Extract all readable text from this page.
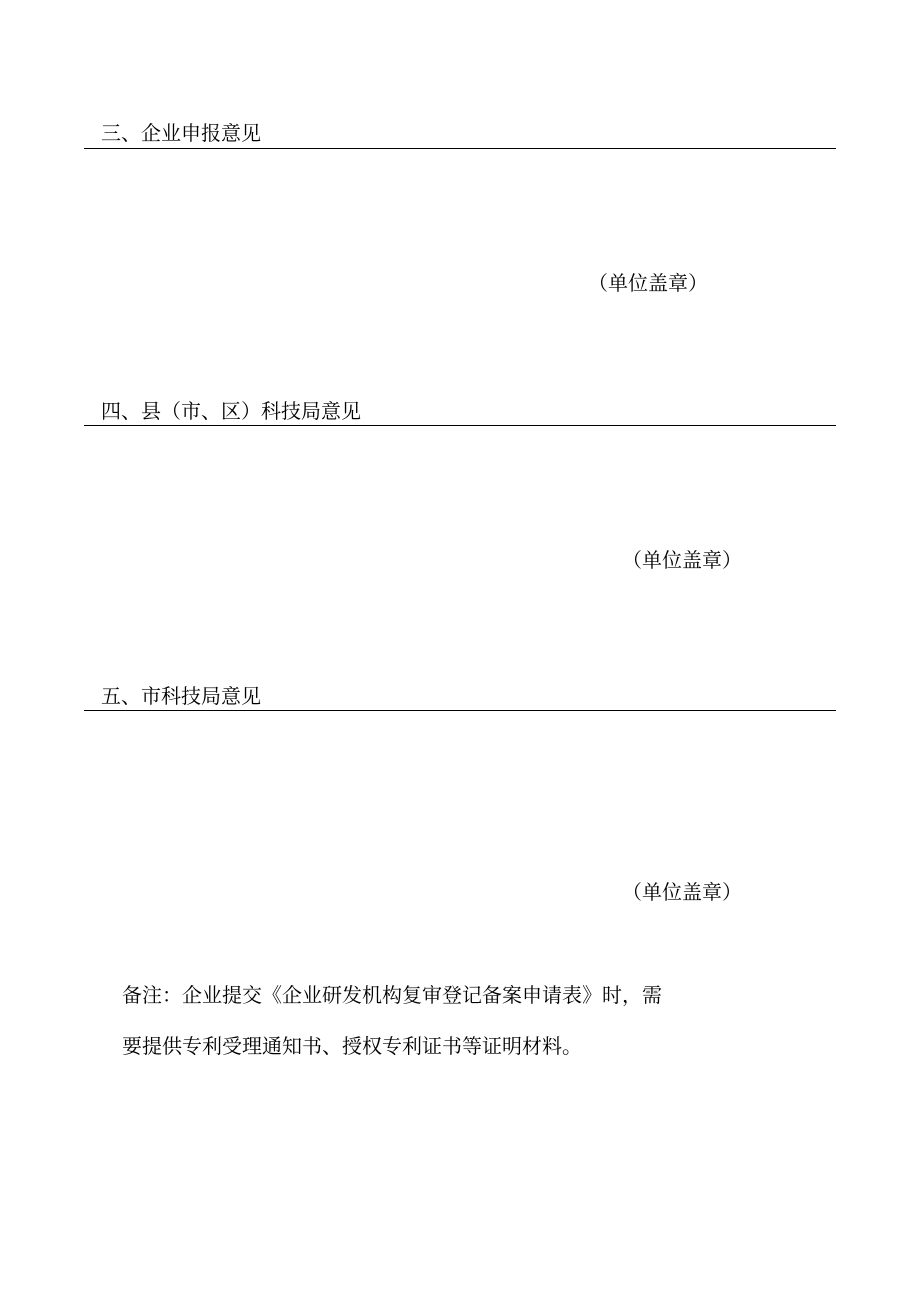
三、企业申报意见
（单位盖章）
四、县（市、区）科技局意见
（单位盖章）
五、市科技局意见
（单位盖章）
备注：企业提交《企业研发机构复审登记备案申请表》时，需
要提供专利受理通知书、授权专利证书等证明材料。
